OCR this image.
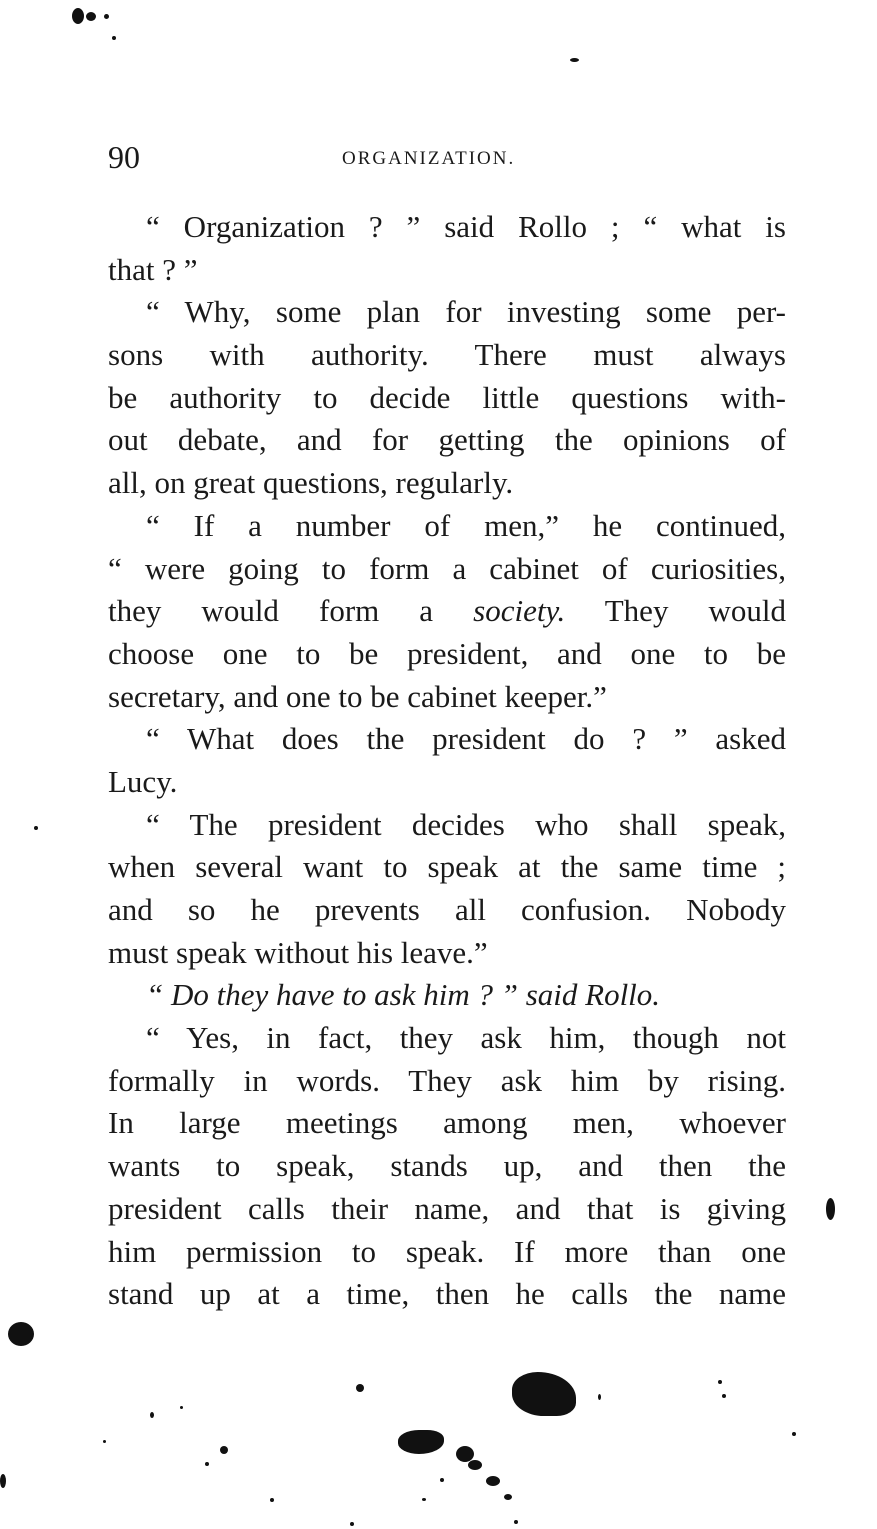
90	ORGANIZATION.
“ Organization ? ” said Rollo ; “ what is
that ? ”
“ Why, some plan for investing some per-
sons with authority. There must always
be authority to decide little questions with-
out debate, and for getting the opinions of
all, on great questions, regularly.
“ If a number of men,” he continued,
“ were going to form a cabinet of curiosities,
they would form a society. They would
choose one to be president, and one to be
secretary, and one to be cabinet keeper.”
“ What does the president do ? ” asked
Lucy.
“ The president decides who shall speak,
when several want to speak at the same time ;
and so he prevents all confusion. Nobody
must speak without his leave.”
“ Do they have to ask him ? ” said Rollo.
“ Yes, in fact, they ask him, though not
formally in words. They ask him by rising.
In large meetings among men, whoever
wants to speak, stands up, and then the
president calls their name, and that is giving
him permission to speak. If more than one
stand up at a time, then he calls the name
